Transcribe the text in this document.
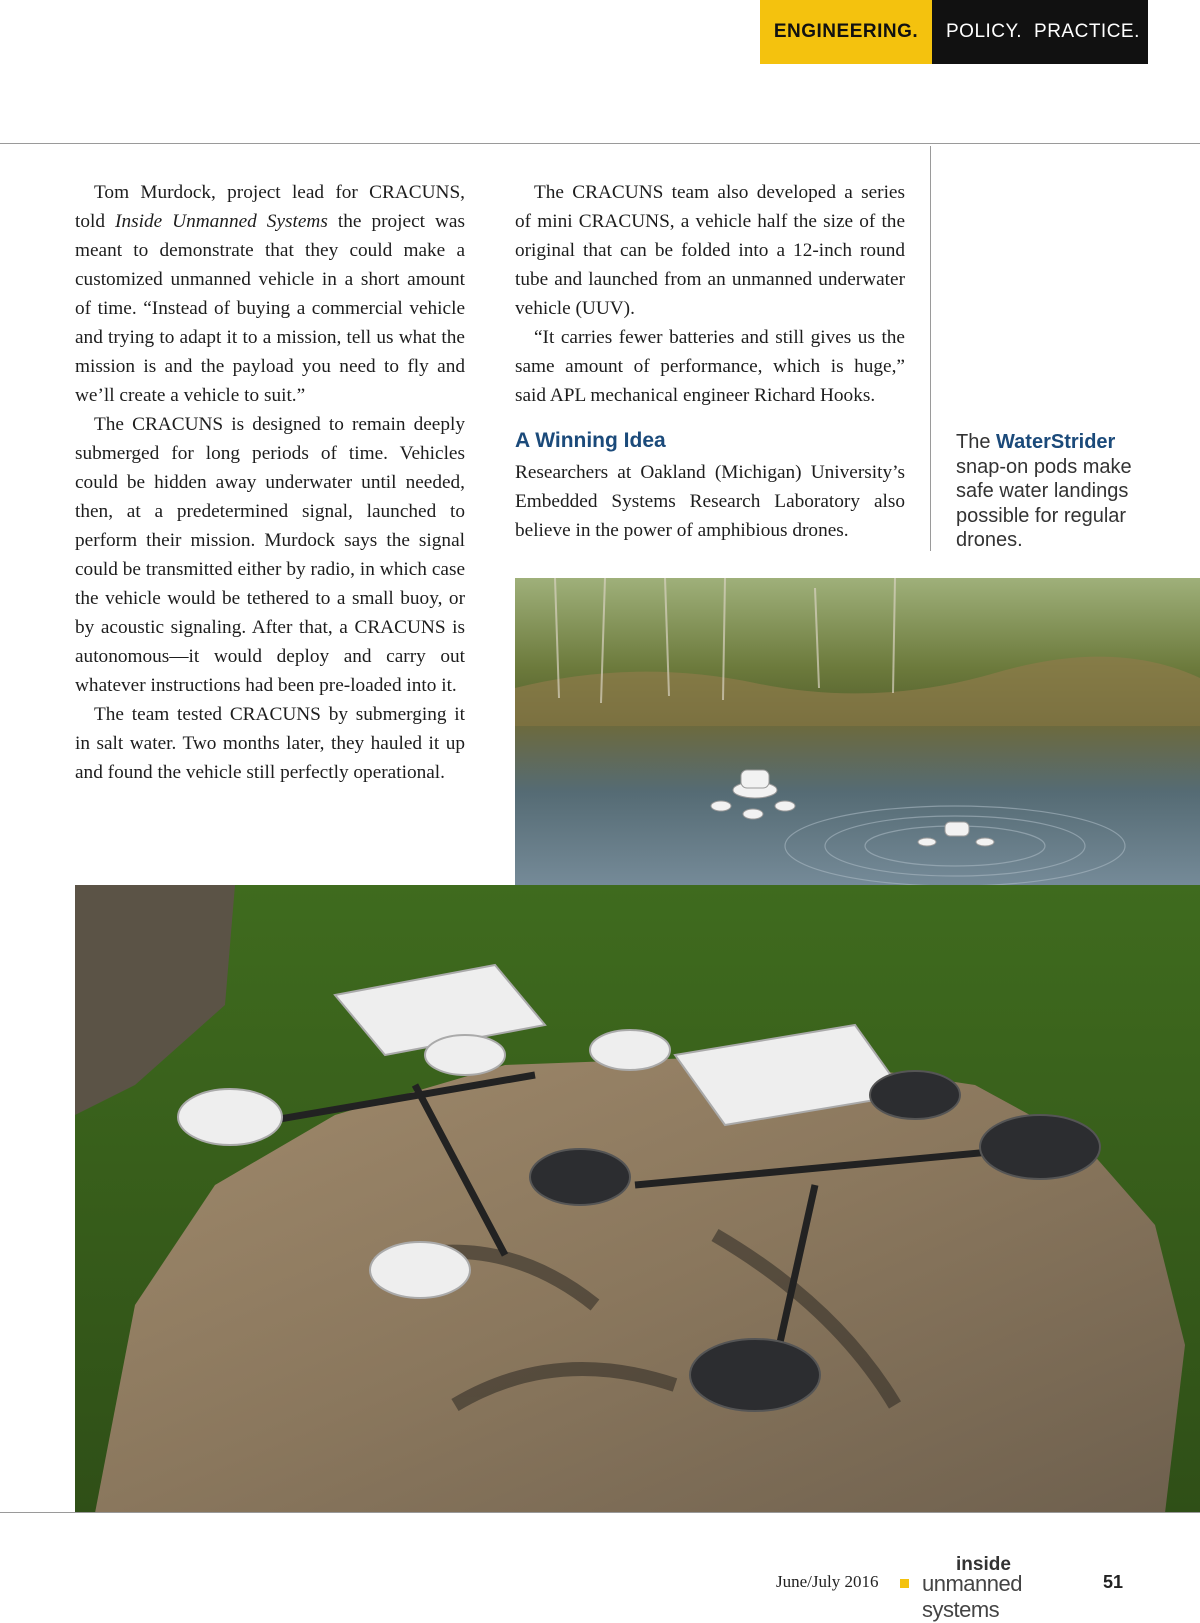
ENGINEERING.	POLICY. PRACTICE.

Tom Murdock, project lead for CRACUNS, told Inside Unmanned Systems the project was meant to demonstrate that they could make a customized unmanned vehicle in a short amount of time. “Instead of buying a commercial vehicle and trying to adapt it to a mission, tell us what the mission is and the payload you need to fly and we’ll create a vehicle to suit.”

The CRACUNS is designed to remain deeply submerged for long periods of time. Vehicles could be hidden away underwater until needed, then, at a predetermined signal, launched to perform their mission. Murdock says the signal could be transmitted either by radio, in which case the vehicle would be tethered to a small buoy, or by acoustic signaling. After that, a CRACUNS is autonomous—it would deploy and carry out whatever instructions had been pre-loaded into it.

The team tested CRACUNS by submerging it in salt water. Two months later, they hauled it up and found the vehicle still perfectly operational.

The CRACUNS team also developed a series of mini CRACUNS, a vehicle half the size of the original that can be folded into a 12-inch round tube and launched from an unmanned underwater vehicle (UUV).

“It carries fewer batteries and still gives us the same amount of performance, which is huge,” said APL mechanical engineer Richard Hooks.

A Winning Idea

Researchers at Oakland (Michigan) University’s Embedded Systems Research Laboratory also believe in the power of amphibious drones.

The WaterStrider snap-on pods make safe water landings possible for regular drones.
June/July 2016
inside
unmanned systems
51
